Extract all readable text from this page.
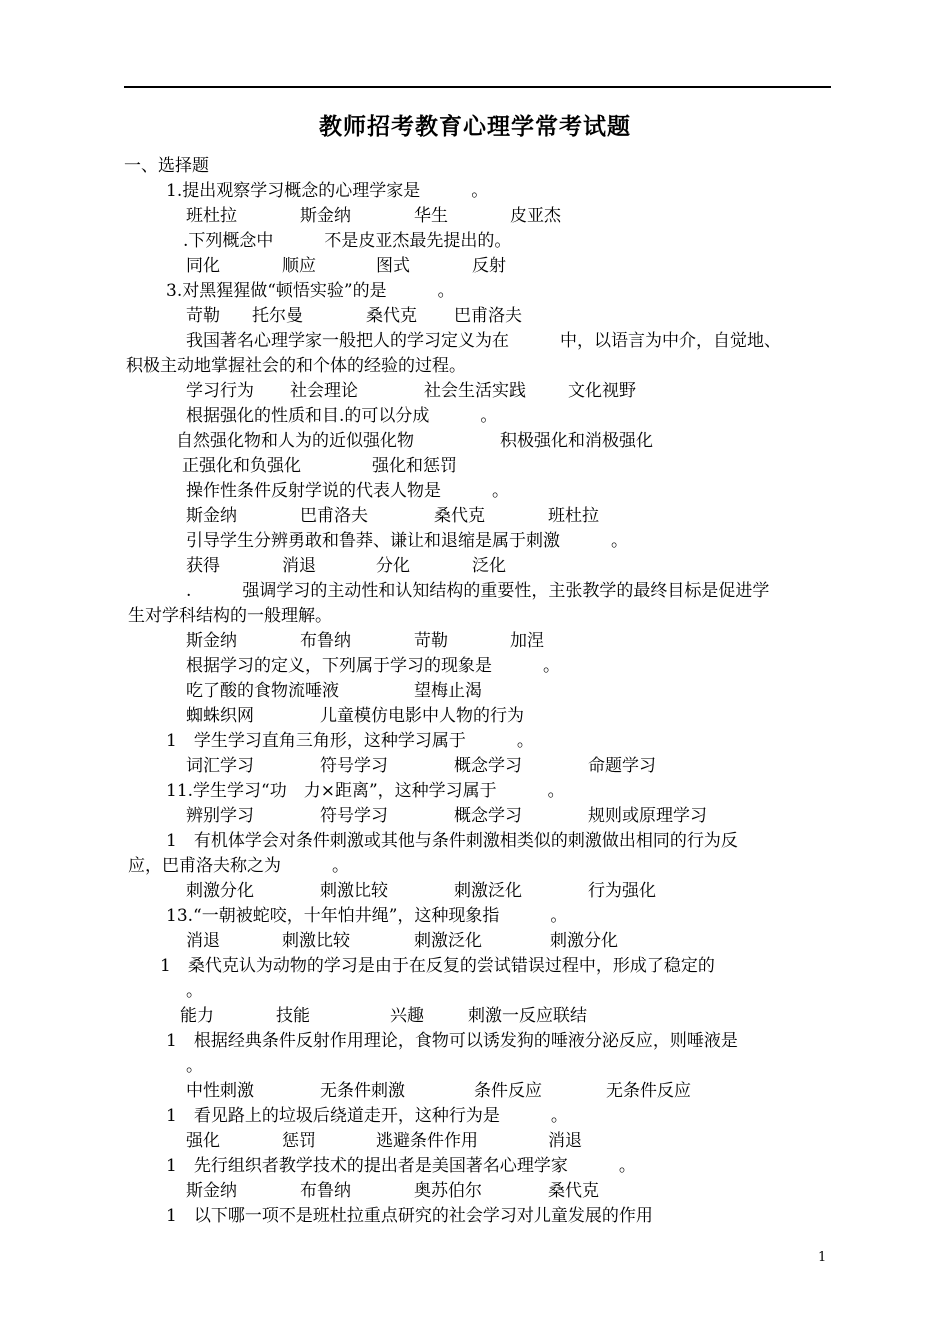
教师招考教育心理学常考试题
一、选择题
1.提出观察学习概念的心理学家是　　　。
班杜拉	斯金纳	华生	皮亚杰
.下列概念中　　　不是皮亚杰最先提出的。
同化	顺应	图式	反射
3.对黑猩猩做“顿悟实验”的是　　　。
苛勒 托尔曼	桑代克 巴甫洛夫
我国著名心理学家一般把人的学习定义为在　　　中，以语言为中介，自觉地、
积极主动地掌握社会的和个体的经验的过程。
学习行为 社会理论	社会生活实践 文化视野
根据强化的性质和目.的可以分成　　　。
自然强化物和人为的近似强化物	积极强化和消极强化
正强化和负强化	强化和惩罚
操作性条件反射学说的代表人物是　　　。
斯金纳	巴甫洛夫	桑代克	班杜拉
引导学生分辨勇敢和鲁莽、谦让和退缩是属于刺激　　　。
获得	消退	分化	泛化
.　　　强调学习的主动性和认知结构的重要性，主张教学的最终目标是促进学
生对学科结构的一般理解。
斯金纳	布鲁纳	苛勒	加涅
根据学习的定义，下列属于学习的现象是　　　。
吃了酸的食物流唾液	望梅止渴
蜘蛛织网	儿童模仿电影中人物的行为
1　学生学习直角三角形，这种学习属于　　　。
词汇学习	符号学习	概念学习	命题学习
11.学生学习“功　力×距离”，这种学习属于　　　。
辨别学习	符号学习	概念学习	规则或原理学习
1　有机体学会对条件刺激或其他与条件刺激相类似的刺激做出相同的行为反
应，巴甫洛夫称之为　　　。
刺激分化	刺激比较	刺激泛化	行为强化
13.“一朝被蛇咬，十年怕井绳”，这种现象指　　　。
消退	刺激比较	刺激泛化	刺激分化
1　桑代克认为动物的学习是由于在反复的尝试错误过程中，形成了稳定的
。
能力	技能	兴趣	刺激一反应联结
1　根据经典条件反射作用理论，食物可以诱发狗的唾液分泌反应，则唾液是
。
中性刺激	无条件刺激	条件反应	无条件反应
1　看见路上的垃圾后绕道走开，这种行为是　　　。
强化	惩罚	逃避条件作用	消退
1　先行组织者教学技术的提出者是美国著名心理学家　　　。
斯金纳	布鲁纳	奥苏伯尔	桑代克
1　以下哪一项不是班杜拉重点研究的社会学习对儿童发展的作用
1
